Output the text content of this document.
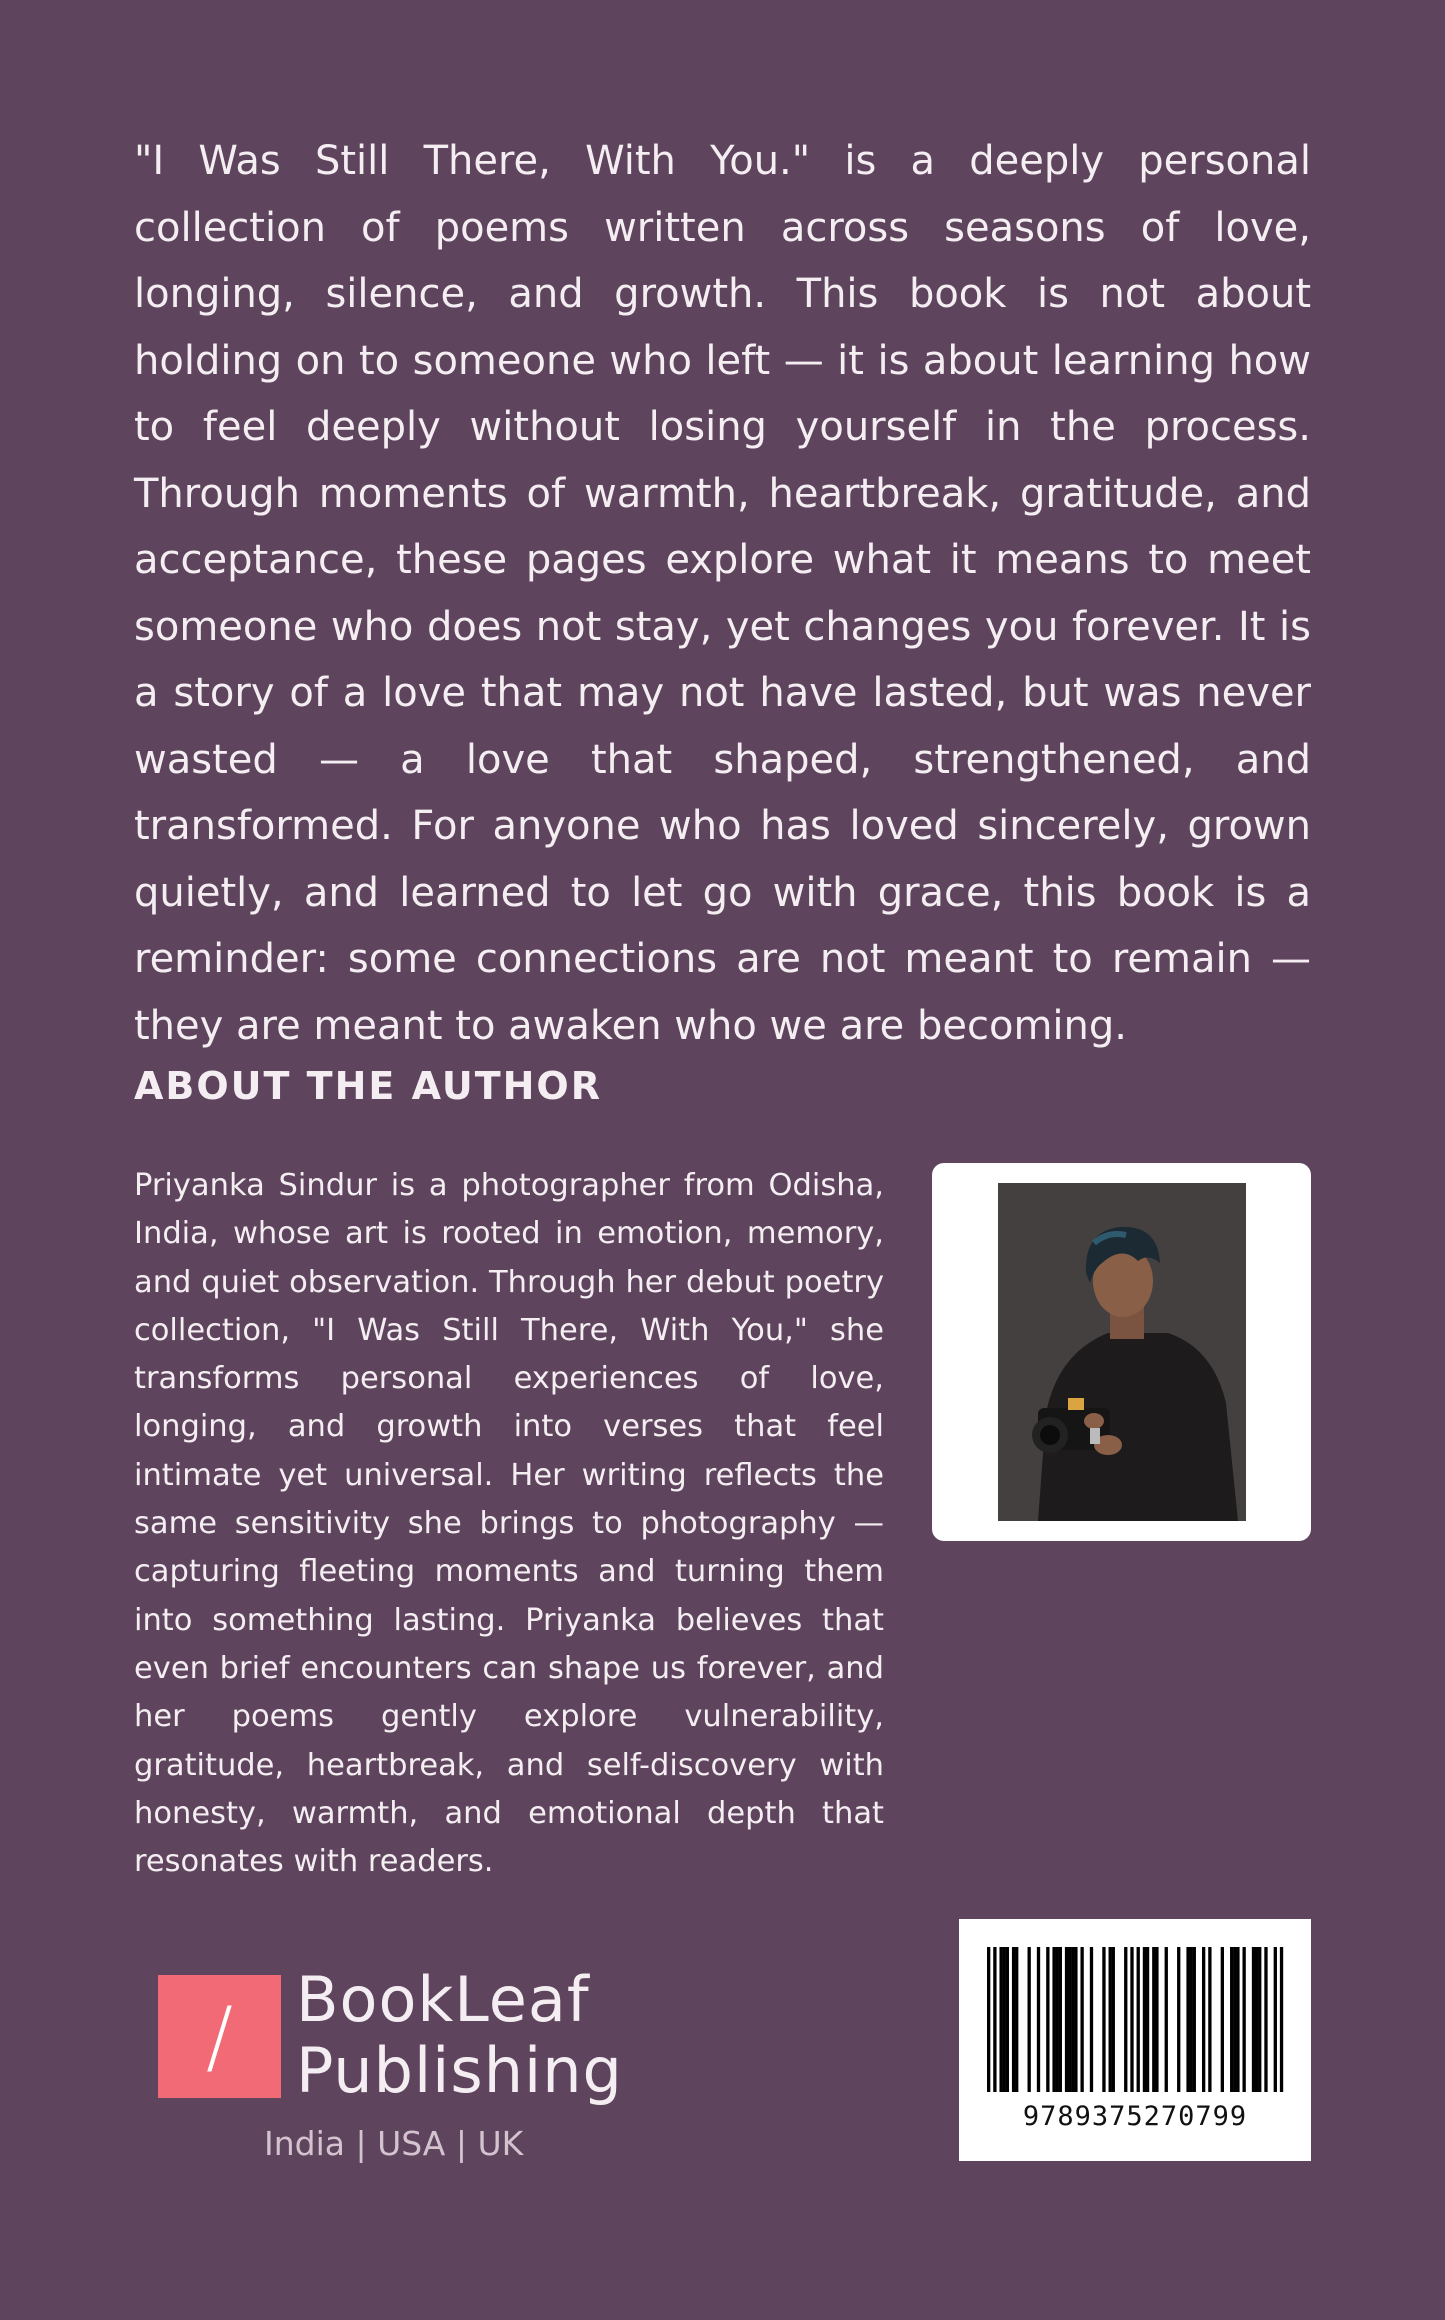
"I Was Still There, With You." is a deeply personal collection of poems written across seasons of love, longing, silence, and growth. This book is not about holding on to someone who left — it is about learning how to feel deeply without losing yourself in the process. Through moments of warmth, heartbreak, gratitude, and acceptance, these pages explore what it means to meet someone who does not stay, yet changes you forever. It is a story of a love that may not have lasted, but was never wasted — a love that shaped, strengthened, and transformed. For anyone who has loved sincerely, grown quietly, and learned to let go with grace, this book is a reminder: some connections are not meant to remain — they are meant to awaken who we are becoming.

ABOUT THE AUTHOR

Priyanka Sindur is a photographer from Odisha, India, whose art is rooted in emotion, memory, and quiet observation. Through her debut poetry collection, "I Was Still There, With You," she transforms personal experiences of love, longing, and growth into verses that feel intimate yet universal. Her writing reflects the same sensitivity she brings to photography — capturing fleeting moments and turning them into something lasting. Priyanka believes that even brief encounters can shape us forever, and her poems gently explore vulnerability, gratitude, heartbreak, and self-discovery with honesty, warmth, and emotional depth that resonates with readers.

/	BookLeaf
Publishing
India | USA | UK
9789375270799
